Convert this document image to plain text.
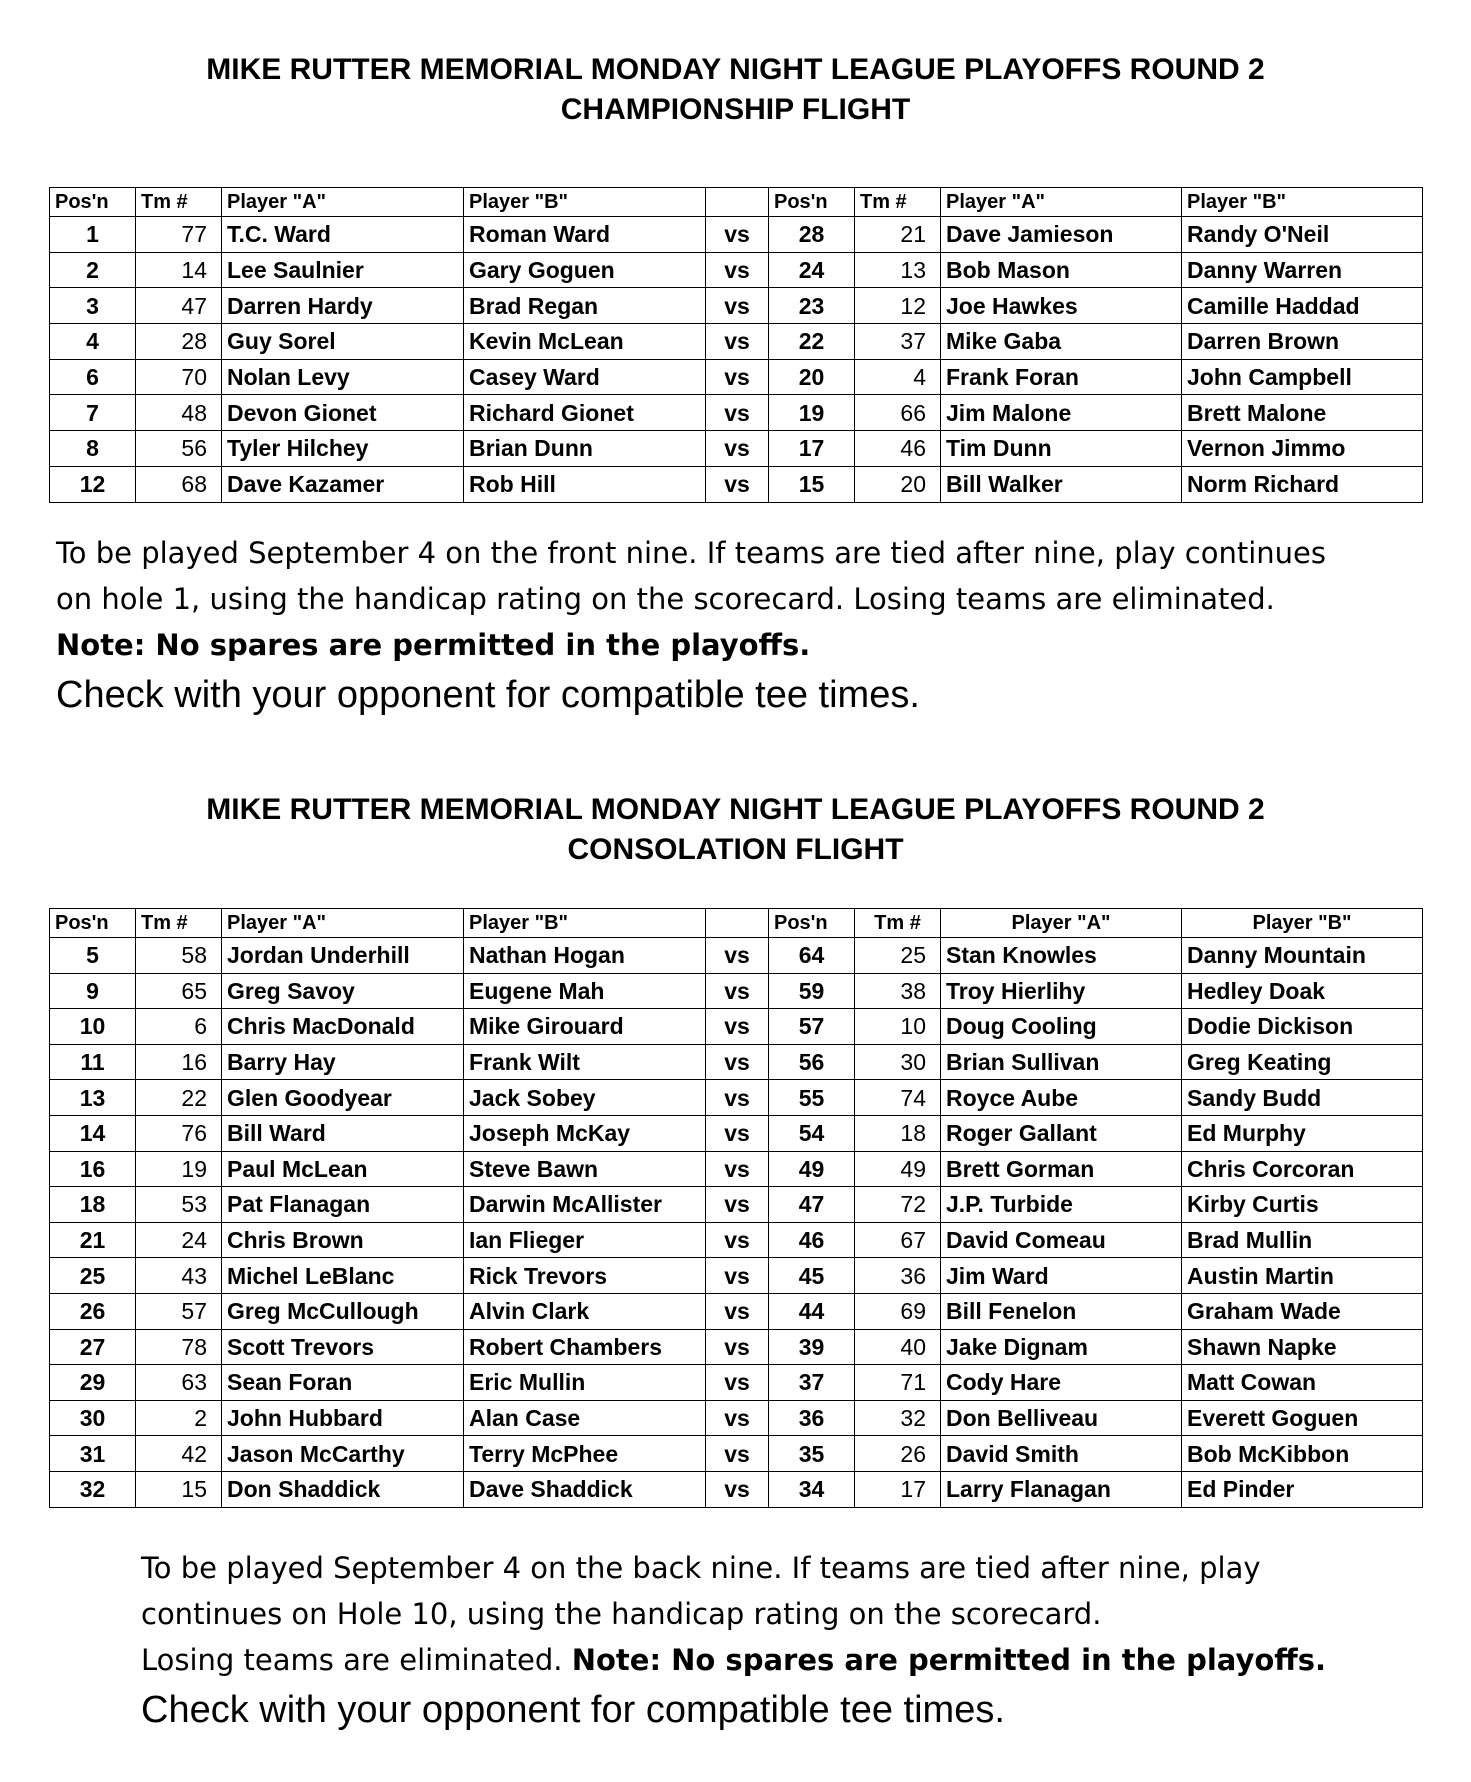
MIKE RUTTER MEMORIAL MONDAY NIGHT LEAGUE PLAYOFFS ROUND 2
CHAMPIONSHIP FLIGHT
Pos'n	Tm #	Player "A"	Player "B"		Pos'n	Tm #	Player "A"	Player "B"
1	77	T.C. Ward	Roman Ward	vs	28	21	Dave Jamieson	Randy O'Neil
2	14	Lee Saulnier	Gary Goguen	vs	24	13	Bob Mason	Danny Warren
3	47	Darren Hardy	Brad Regan	vs	23	12	Joe Hawkes	Camille Haddad
4	28	Guy Sorel	Kevin McLean	vs	22	37	Mike Gaba	Darren Brown
6	70	Nolan Levy	Casey Ward	vs	20	4	Frank Foran	John Campbell
7	48	Devon Gionet	Richard Gionet	vs	19	66	Jim Malone	Brett Malone
8	56	Tyler Hilchey	Brian Dunn	vs	17	46	Tim Dunn	Vernon Jimmo
12	68	Dave Kazamer	Rob Hill	vs	15	20	Bill Walker	Norm Richard
To be played September 4 on the front nine. If teams are tied after nine, play continues on hole 1, using the handicap rating on the scorecard. Losing teams are eliminated. Note: No spares are permitted in the playoffs.
Check with your opponent for compatible tee times.
MIKE RUTTER MEMORIAL MONDAY NIGHT LEAGUE PLAYOFFS ROUND 2
CONSOLATION FLIGHT
Pos'n	Tm #	Player "A"	Player "B"		Pos'n	Tm #	Player "A"	Player "B"
5	58	Jordan Underhill	Nathan Hogan	vs	64	25	Stan Knowles	Danny Mountain
9	65	Greg Savoy	Eugene Mah	vs	59	38	Troy Hierlihy	Hedley Doak
10	6	Chris MacDonald	Mike Girouard	vs	57	10	Doug Cooling	Dodie Dickison
11	16	Barry Hay	Frank Wilt	vs	56	30	Brian Sullivan	Greg Keating
13	22	Glen Goodyear	Jack Sobey	vs	55	74	Royce Aube	Sandy Budd
14	76	Bill Ward	Joseph McKay	vs	54	18	Roger Gallant	Ed Murphy
16	19	Paul McLean	Steve Bawn	vs	49	49	Brett Gorman	Chris Corcoran
18	53	Pat Flanagan	Darwin McAllister	vs	47	72	J.P. Turbide	Kirby Curtis
21	24	Chris Brown	Ian Flieger	vs	46	67	David Comeau	Brad Mullin
25	43	Michel LeBlanc	Rick Trevors	vs	45	36	Jim Ward	Austin Martin
26	57	Greg McCullough	Alvin Clark	vs	44	69	Bill Fenelon	Graham Wade
27	78	Scott Trevors	Robert Chambers	vs	39	40	Jake Dignam	Shawn Napke
29	63	Sean Foran	Eric Mullin	vs	37	71	Cody Hare	Matt Cowan
30	2	John Hubbard	Alan Case	vs	36	32	Don Belliveau	Everett Goguen
31	42	Jason McCarthy	Terry McPhee	vs	35	26	David Smith	Bob McKibbon
32	15	Don Shaddick	Dave Shaddick	vs	34	17	Larry Flanagan	Ed Pinder
To be played September 4 on the back nine. If teams are tied after nine, play
continues on Hole 10, using the handicap rating on the scorecard.
Losing teams are eliminated. Note: No spares are permitted in the playoffs.
Check with your opponent for compatible tee times.
